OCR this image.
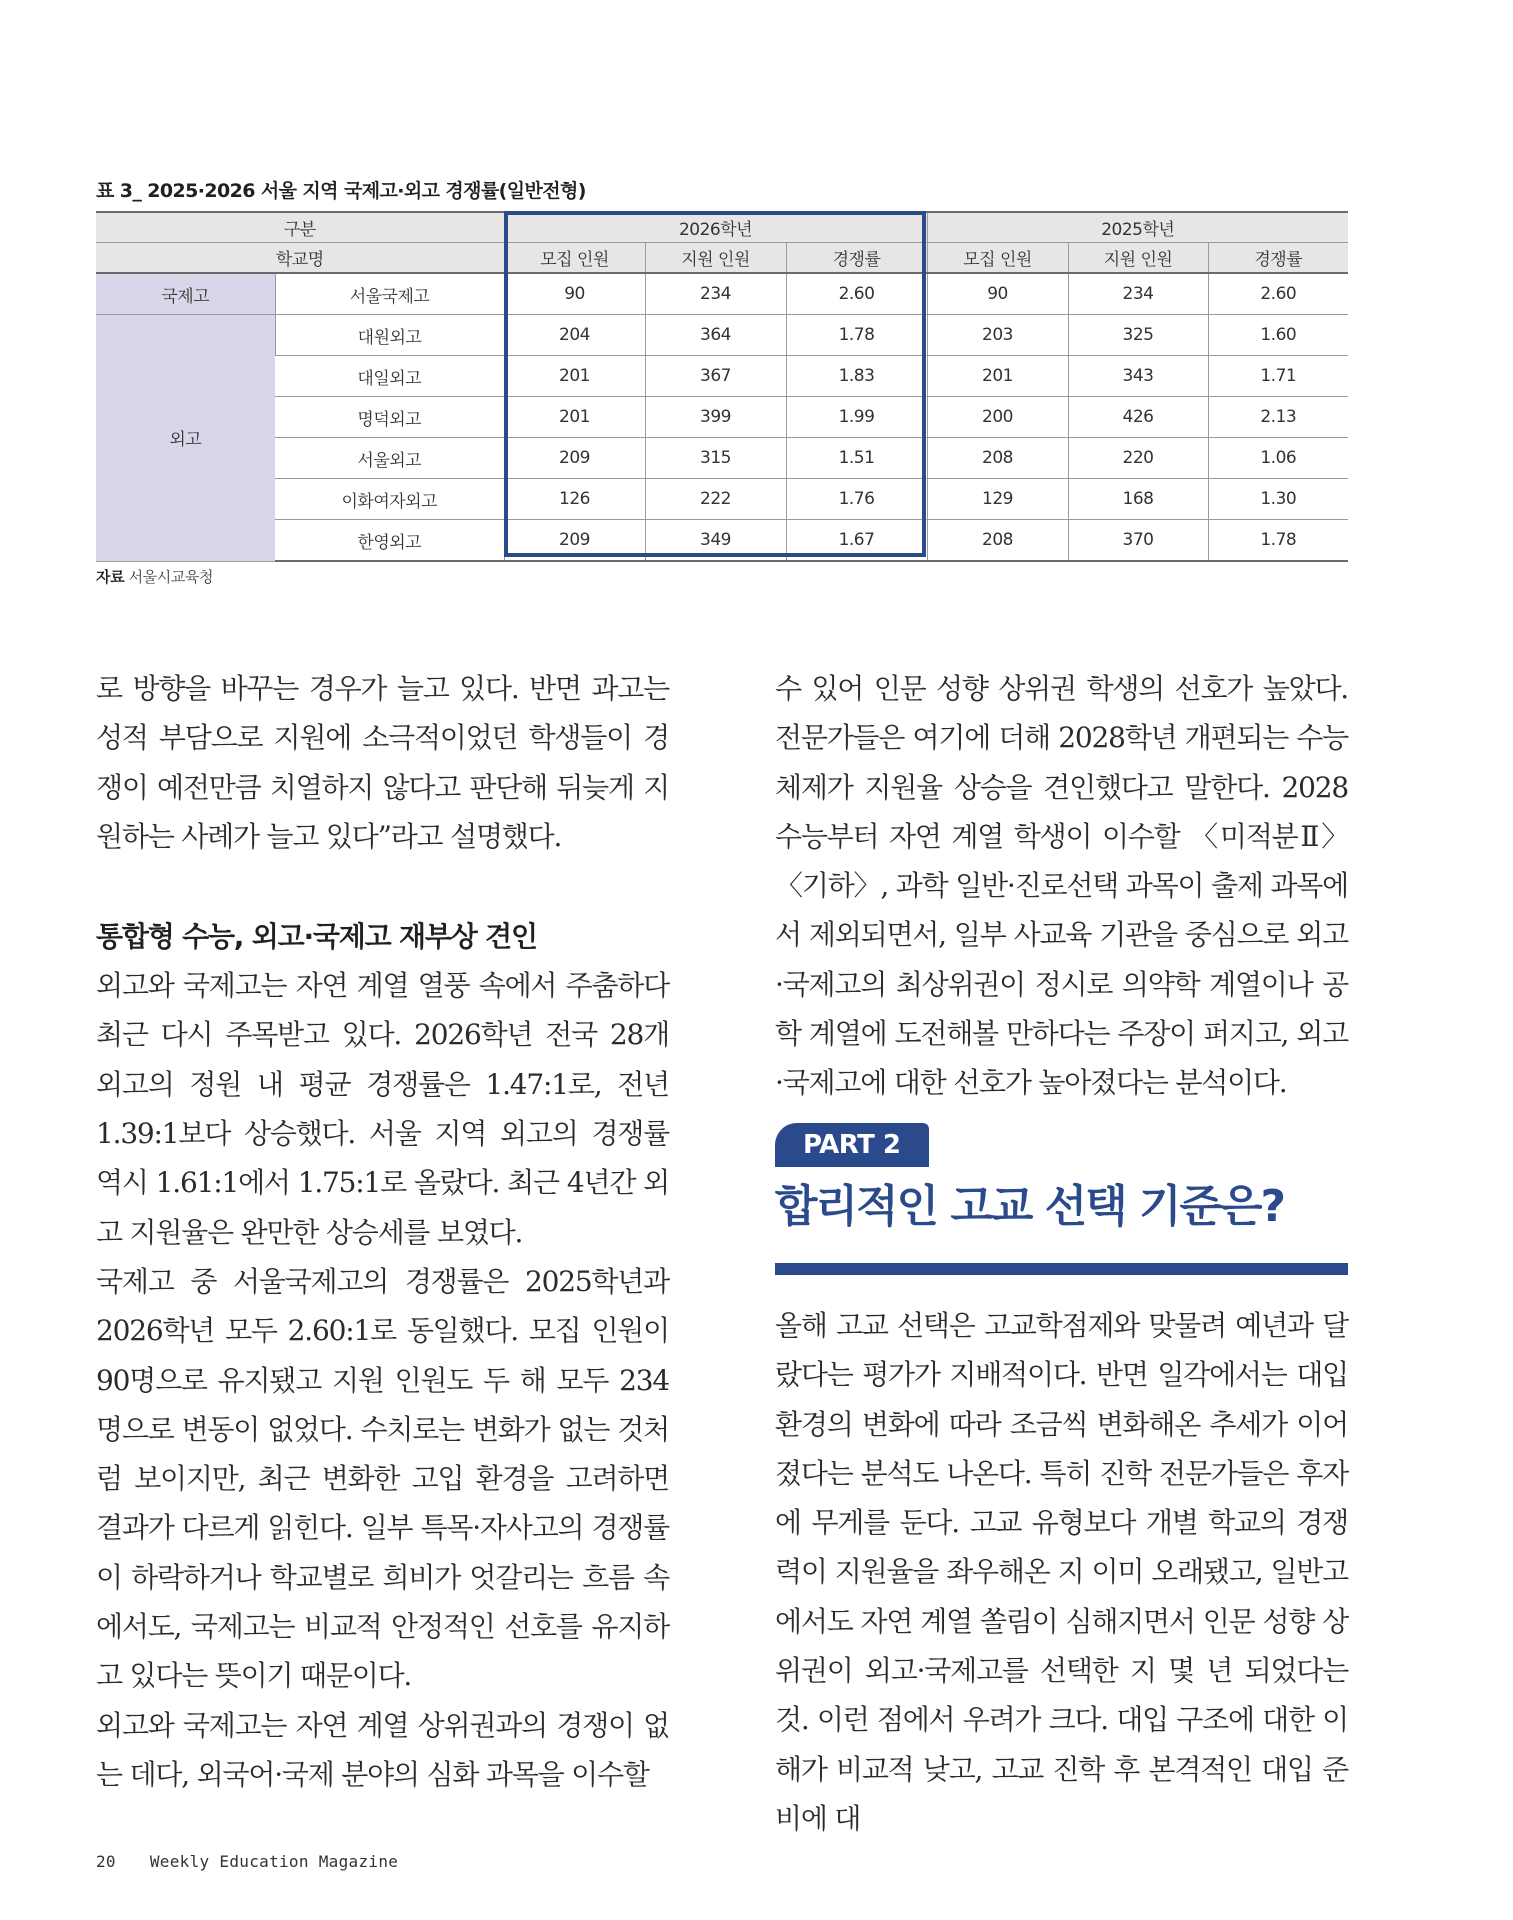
표 3_ 2025·2026 서울 지역 국제고·외고 경쟁률(일반전형)
구분		2026학년			2025학년		
학교명		모집 인원	지원 인원	경쟁률	모집 인원	지원 인원	경쟁률
국제고	서울국제고	90	234	2.60	90	234	2.60
외고	대원외고	204	364	1.78	203	325	1.60
	대일외고	201	367	1.83	201	343	1.71
	명덕외고	201	399	1.99	200	426	2.13
	서울외고	209	315	1.51	208	220	1.06
	이화여자외고	126	222	1.76	129	168	1.30
	한영외고	209	349	1.67	208	370	1.78
자료 서울시교육청

로 방향을 바꾸는 경우가 늘고 있다. 반면 과고는 성적 부담으로 지원에 소극적이었던 학생들이 경쟁이 예전만큼 치열하지 않다고 판단해 뒤늦게 지원하는 사례가 늘고 있다”라고 설명했다.

통합형 수능, 외고·국제고 재부상 견인

외고와 국제고는 자연 계열 열풍 속에서 주춤하다 최근 다시 주목받고 있다. 2026학년 전국 28개 외고의 정원 내 평균 경쟁률은 1.47:1로, 전년 1.39:1보다 상승했다. 서울 지역 외고의 경쟁률 역시 1.61:1에서 1.75:1로 올랐다. 최근 4년간 외고 지원율은 완만한 상승세를 보였다.

국제고 중 서울국제고의 경쟁률은 2025학년과 2026학년 모두 2.60:1로 동일했다. 모집 인원이 90명으로 유지됐고 지원 인원도 두 해 모두 234명으로 변동이 없었다. 수치로는 변화가 없는 것처럼 보이지만, 최근 변화한 고입 환경을 고려하면 결과가 다르게 읽힌다. 일부 특목·자사고의 경쟁률이 하락하거나 학교별로 희비가 엇갈리는 흐름 속에서도, 국제고는 비교적 안정적인 선호를 유지하고 있다는 뜻이기 때문이다.

외고와 국제고는 자연 계열 상위권과의 경쟁이 없는 데다, 외국어·국제 분야의 심화 과목을 이수할

수 있어 인문 성향 상위권 학생의 선호가 높았다. 전문가들은 여기에 더해 2028학년 개편되는 수능 체제가 지원율 상승을 견인했다고 말한다. 2028 수능부터 자연 계열 학생이 이수할 〈미적분Ⅱ〉 〈기하〉, 과학 일반·진로선택 과목이 출제 과목에서 제외되면서, 일부 사교육 기관을 중심으로 외고·국제고의 최상위권이 정시로 의약학 계열이나 공학 계열에 도전해볼 만하다는 주장이 퍼지고, 외고·국제고에 대한 선호가 높아졌다는 분석이다.

PART 2
합리적인 고교 선택 기준은?

올해 고교 선택은 고교학점제와 맞물려 예년과 달랐다는 평가가 지배적이다. 반면 일각에서는 대입 환경의 변화에 따라 조금씩 변화해온 추세가 이어졌다는 분석도 나온다. 특히 진학 전문가들은 후자에 무게를 둔다. 고교 유형보다 개별 학교의 경쟁력이 지원율을 좌우해온 지 이미 오래됐고, 일반고에서도 자연 계열 쏠림이 심해지면서 인문 성향 상위권이 외고·국제고를 선택한 지 몇 년 되었다는 것. 이런 점에서 우려가 크다. 대입 구조에 대한 이해가 비교적 낮고, 고교 진학 후 본격적인 대입 준비에 대

20 Weekly Education Magazine
